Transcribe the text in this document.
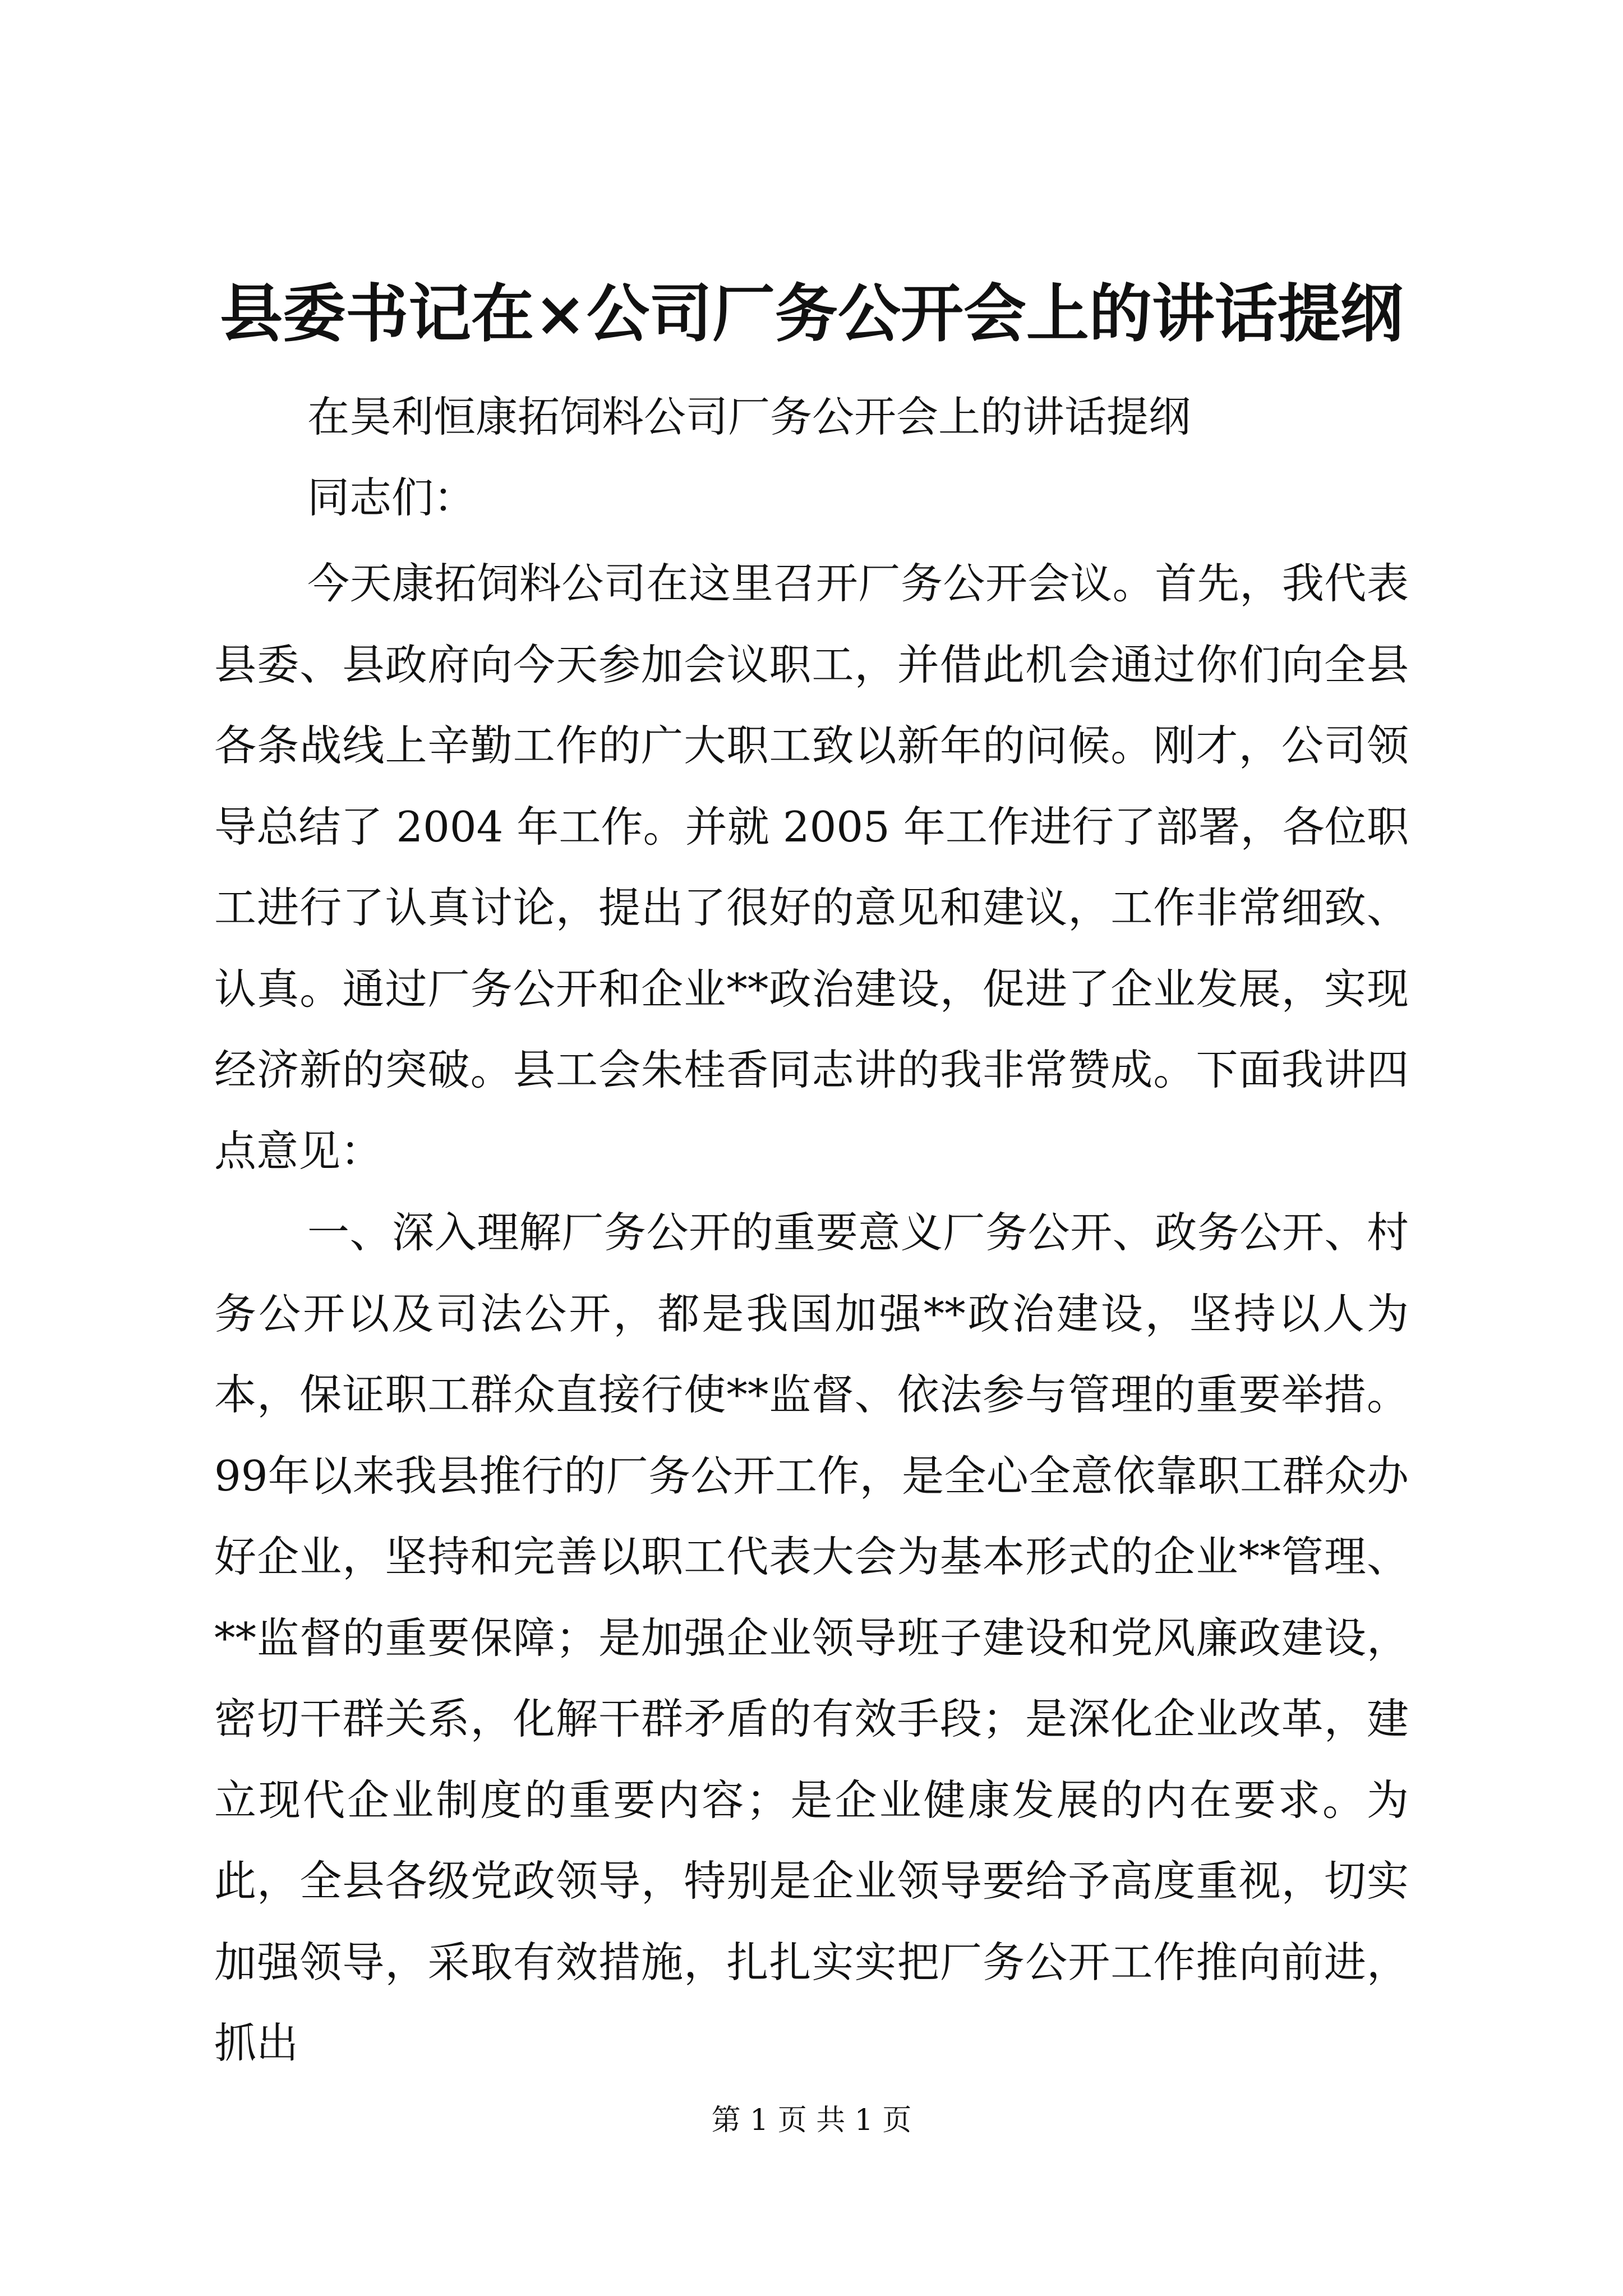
县委书记在×公司厂务公开会上的讲话提纲

在昊利恒康拓饲料公司厂务公开会上的讲话提纲

同志们：

今天康拓饲料公司在这里召开厂务公开会议。首先，我代表县委、县政府向今天参加会议职工，并借此机会通过你们向全县各条战线上辛勤工作的广大职工致以新年的问候。刚才，公司领导总结了 2004 年工作。并就 2005 年工作进行了部署，各位职工进行了认真讨论，提出了很好的意见和建议，工作非常细致、认真。通过厂务公开和企业**政治建设，促进了企业发展，实现经济新的突破。县工会朱桂香同志讲的我非常赞成。下面我讲四点意见：

一、深入理解厂务公开的重要意义厂务公开、政务公开、村务公开以及司法公开，都是我国加强**政治建设，坚持以人为本，保证职工群众直接行使**监督、依法参与管理的重要举措。99年以来我县推行的厂务公开工作，是全心全意依靠职工群众办好企业，坚持和完善以职工代表大会为基本形式的企业**管理、**监督的重要保障；是加强企业领导班子建设和党风廉政建设，密切干群关系，化解干群矛盾的有效手段；是深化企业改革，建立现代企业制度的重要内容；是企业健康发展的内在要求。为此，全县各级党政领导，特别是企业领导要给予高度重视，切实加强领导，采取有效措施，扎扎实实把厂务公开工作推向前进，抓出

第 1 页 共 1 页
